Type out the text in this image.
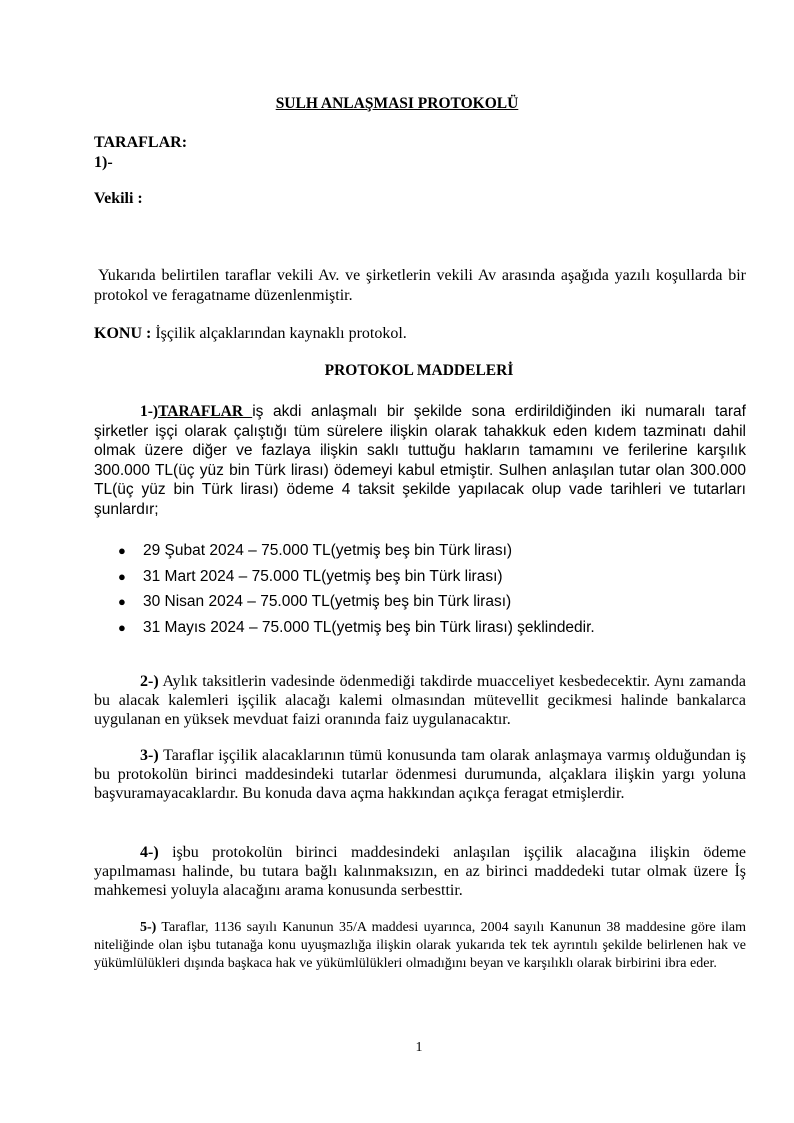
SULH ANLAŞMASI PROTOKOLÜ
TARAFLAR:
1)-
Vekili :
Yukarıda belirtilen taraflar vekili Av. ve şirketlerin vekili Av arasında aşağıda yazılı koşullarda bir protokol ve feragatname düzenlenmiştir.
KONU : İşçilik alçaklarından kaynaklı protokol.
PROTOKOL MADDELERİ
1-)TARAFLAR iş akdi anlaşmalı bir şekilde sona erdirildiğinden iki numaralı taraf şirketler işçi olarak çalıştığı tüm sürelere ilişkin olarak tahakkuk eden kıdem tazminatı dahil olmak üzere diğer ve fazlaya ilişkin saklı tuttuğu hakların tamamını ve ferilerine karşılık 300.000 TL(üç yüz bin Türk lirası) ödemeyi kabul etmiştir. Sulhen anlaşılan tutar olan 300.000 TL(üç yüz bin Türk lirası) ödeme 4 taksit şekilde yapılacak olup vade tarihleri ve tutarları şunlardır;
● 29 Şubat 2024 – 75.000 TL(yetmiş beş bin Türk lirası)
● 31 Mart 2024 – 75.000 TL(yetmiş beş bin Türk lirası)
● 30 Nisan 2024 – 75.000 TL(yetmiş beş bin Türk lirası)
● 31 Mayıs 2024 – 75.000 TL(yetmiş beş bin Türk lirası) şeklindedir.
2-) Aylık taksitlerin vadesinde ödenmediği takdirde muacceliyet kesbedecektir. Aynı zamanda bu alacak kalemleri işçilik alacağı kalemi olmasından mütevellit gecikmesi halinde bankalarca uygulanan en yüksek mevduat faizi oranında faiz uygulanacaktır.
3-) Taraflar işçilik alacaklarının tümü konusunda tam olarak anlaşmaya varmış olduğundan iş bu protokolün birinci maddesindeki tutarlar ödenmesi durumunda, alçaklara ilişkin yargı yoluna başvuramayacaklardır. Bu konuda dava açma hakkından açıkça feragat etmişlerdir.
4-) işbu protokolün birinci maddesindeki anlaşılan işçilik alacağına ilişkin ödeme yapılmaması halinde, bu tutara bağlı kalınmaksızın, en az birinci maddedeki tutar olmak üzere İş mahkemesi yoluyla alacağını arama konusunda serbesttir.
5-) Taraflar, 1136 sayılı Kanunun 35/A maddesi uyarınca, 2004 sayılı Kanunun 38 maddesine göre ilam niteliğinde olan işbu tutanağa konu uyuşmazlığa ilişkin olarak yukarıda tek tek ayrıntılı şekilde belirlenen hak ve yükümlülükleri dışında başkaca hak ve yükümlülükleri olmadığını beyan ve karşılıklı olarak birbirini ibra eder.
1
